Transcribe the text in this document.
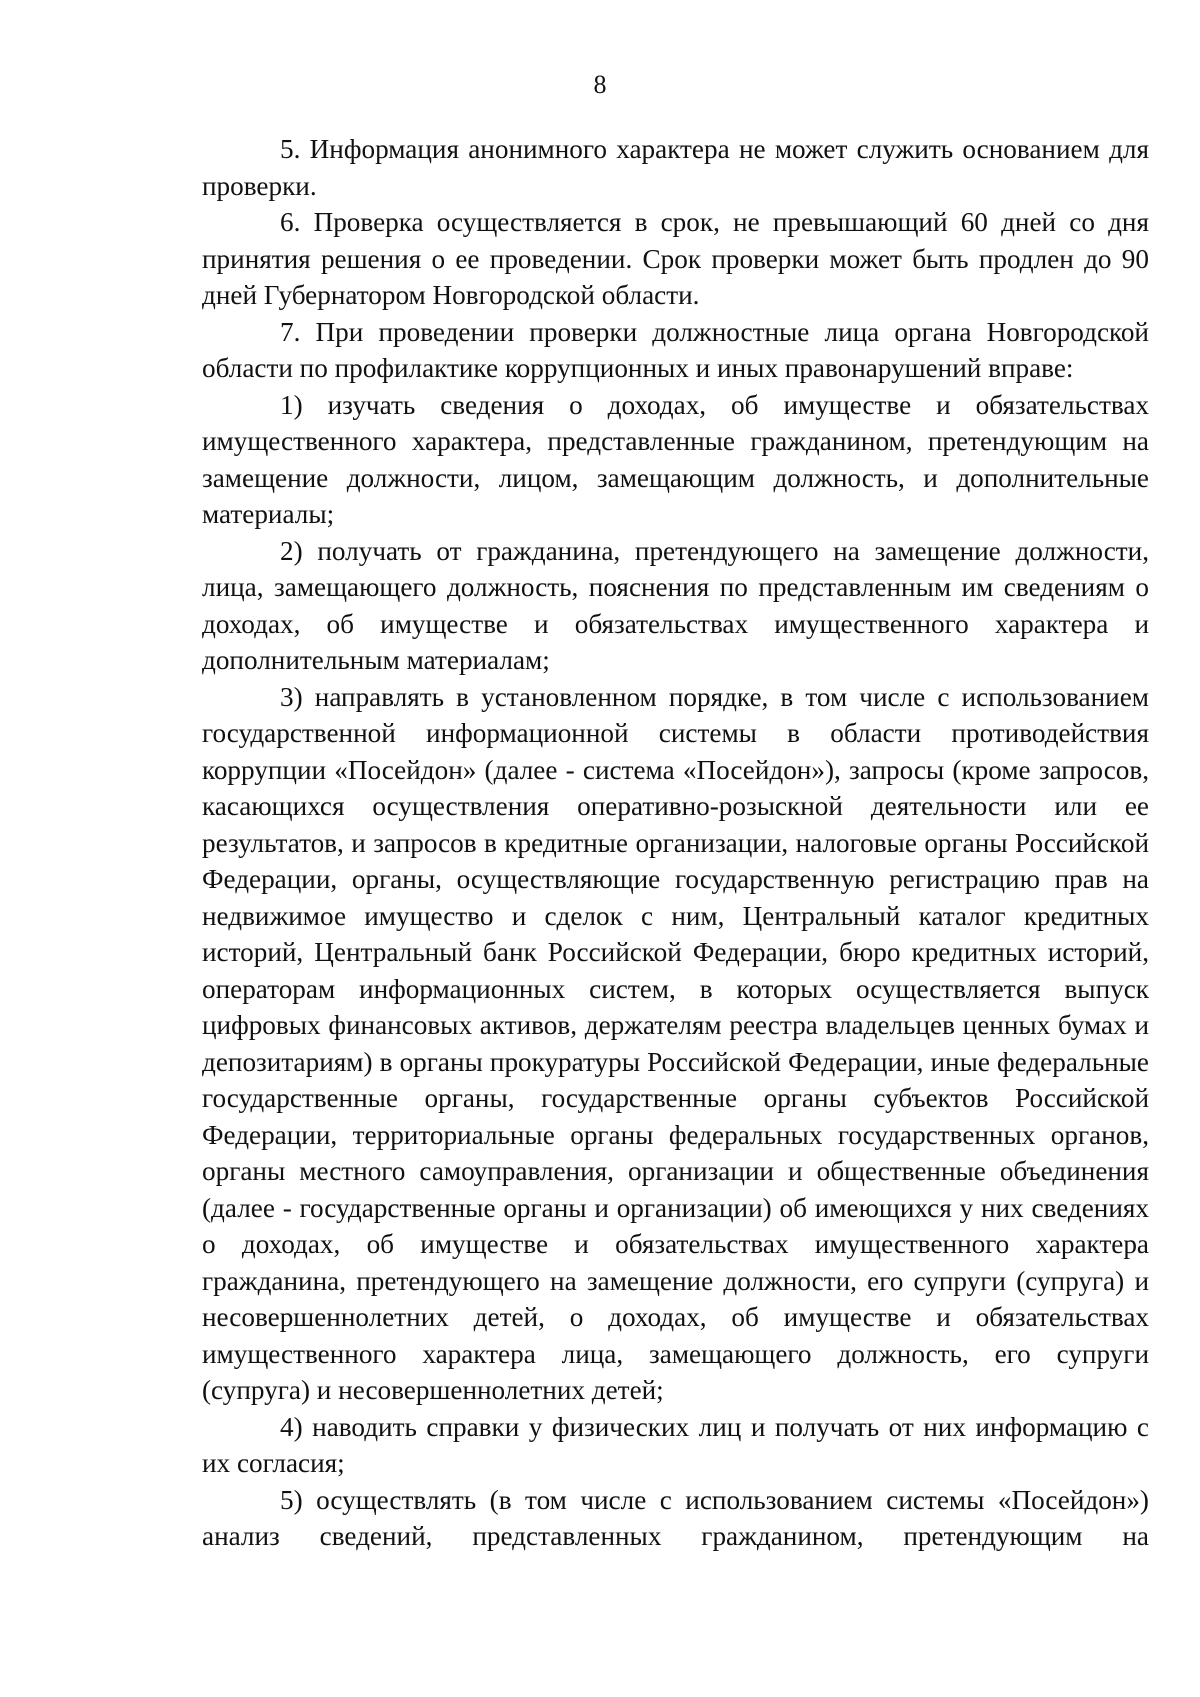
8

5. Информация анонимного характера не может служить основанием для проверки.

6. Проверка осуществляется в срок, не превышающий 60 дней со дня принятия решения о ее проведении. Срок проверки может быть продлен до 90 дней Губернатором Новгородской области.

7. При проведении проверки должностные лица органа Новгородской области по профилактике коррупционных и иных правонарушений вправе:

1) изучать сведения о доходах, об имуществе и обязательствах имущественного характера, представленные гражданином, претендующим на замещение должности, лицом, замещающим должность, и дополнительные материалы;

2) получать от гражданина, претендующего на замещение должности, лица, замещающего должность, пояснения по представленным им сведениям о доходах, об имуществе и обязательствах имущественного характера и дополнительным материалам;

3) направлять в установленном порядке, в том числе с использованием государственной информационной системы в области противодействия коррупции «Посейдон» (далее - система «Посейдон»), запросы (кроме запросов, касающихся осуществления оперативно-розыскной деятельности или ее результатов, и запросов в кредитные организации, налоговые органы Российской Федерации, органы, осуществляющие государственную регистрацию прав на недвижимое имущество и сделок с ним, Центральный каталог кредитных историй, Центральный банк Российской Федерации, бюро кредитных историй, операторам информационных систем, в которых осуществляется выпуск цифровых финансовых активов, держателям реестра владельцев ценных бумах и депозитариям) в органы прокуратуры Российской Федерации, иные федеральные государственные органы, государственные органы субъектов Российской Федерации, территориальные органы федеральных государственных органов, органы местного самоуправления, организации и общественные объединения (далее - государственные органы и организации) об имеющихся у них сведениях о доходах, об имуществе и обязательствах имущественного характера гражданина, претендующего на замещение должности, его супруги (супруга) и несовершеннолетних детей, о доходах, об имуществе и обязательствах имущественного характера лица, замещающего должность, его супруги (супруга) и несовершеннолетних детей;

4) наводить справки у физических лиц и получать от них информацию с их согласия;

5) осуществлять (в том числе с использованием системы «Посейдон») анализ сведений, представленных гражданином, претендующим на
